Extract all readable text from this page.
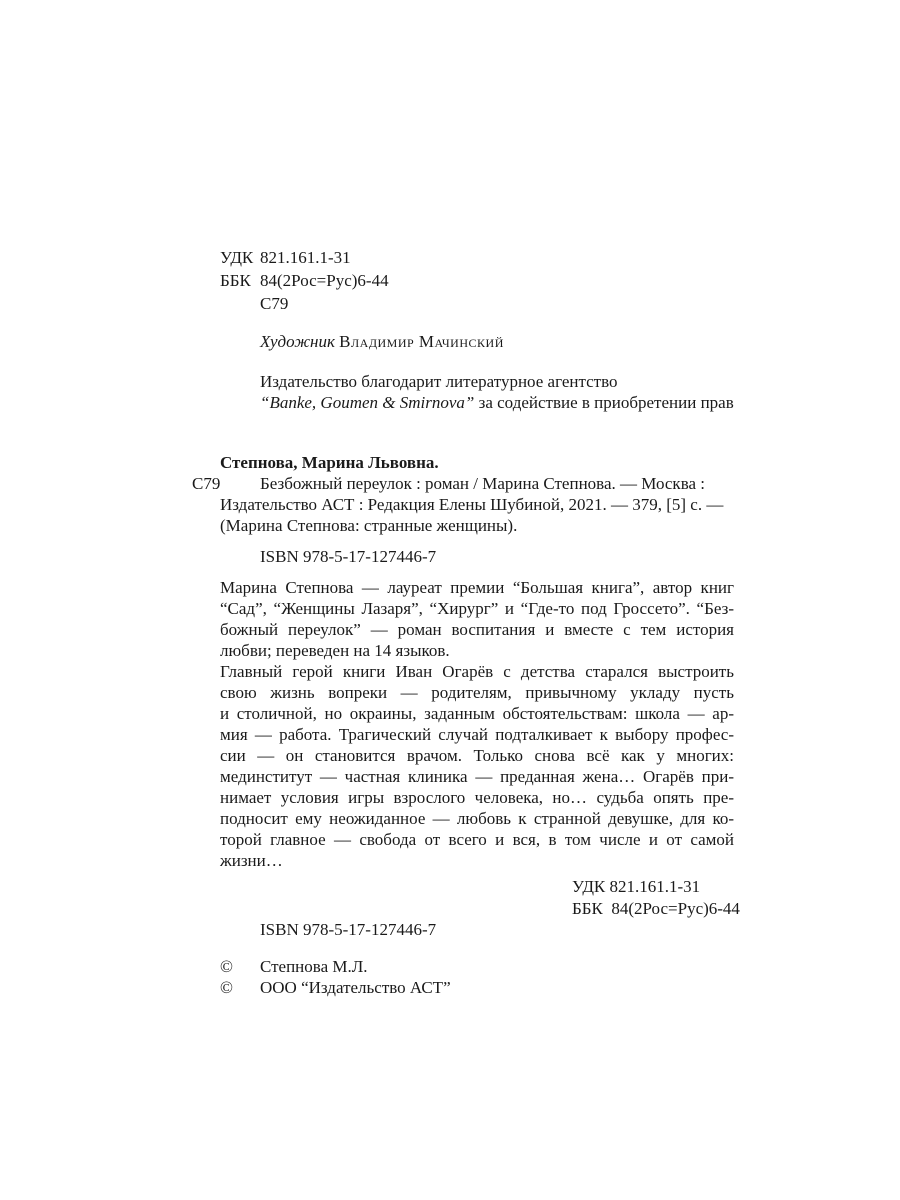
УДК 821.161.1-31
ББК 84(2Рос=Рус)6-44
С79
Художник Владимир Мачинский
Издательство благодарит литературное агентство
“Banke, Goumen & Smirnova” за содействие в приобретении прав
Степнова, Марина Львовна.
С79 Безбожный переулок : роман / Марина Степнова. — Москва :
Издательство АСТ : Редакция Елены Шубиной, 2021. — 379, [5] с. —
(Марина Степнова: странные женщины).
ISBN 978-5-17-127446-7
Марина Степнова — лауреат премии “Большая книга”, автор книг
“Сад”, “Женщины Лазаря”, “Хирург” и “Где-то под Гроссето”. “Без-
божный переулок” — роман воспитания и вместе с тем история
любви; переведен на 14 языков.
Главный герой книги Иван Огарёв с детства старался выстроить
свою жизнь вопреки — родителям, привычному укладу пусть
и столичной, но окраины, заданным обстоятельствам: школа — ар-
мия — работа. Трагический случай подталкивает к выбору профес-
сии — он становится врачом. Только снова всё как у многих:
мединститут — частная клиника — преданная жена… Огарёв при-
нимает условия игры взрослого человека, но… судьба опять пре-
подносит ему неожиданное — любовь к странной девушке, для ко-
торой главное — свобода от всего и вся, в том числе и от самой
жизни…
УДК 821.161.1-31
ББК  84(2Рос=Рус)6-44
ISBN 978-5-17-127446-7
© Степнова М.Л.
© ООО “Издательство АСТ”
